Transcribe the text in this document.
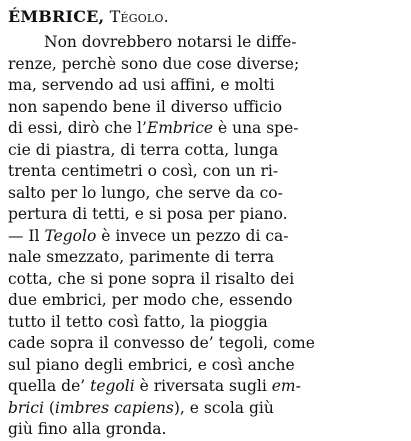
ÉMBRICE, Tégolo.
Non dovrebbero notarsi le diffe-
renze, perchè sono due cose diverse;
ma, servendo ad usi affini, e molti
non sapendo bene il diverso ufficio
di essi, dirò che l’Embrice è una spe-
cie di piastra, di terra cotta, lunga
trenta centimetri o così, con un ri-
salto per lo lungo, che serve da co-
pertura di tetti, e si posa per piano.
— Il Tegolo è invece un pezzo di ca-
nale smezzato, parimente di terra
cotta, che si pone sopra il risalto dei
due embrici, per modo che, essendo
tutto il tetto così fatto, la pioggia
cade sopra il convesso de’ tegoli, come
sul piano degli embrici, e così anche
quella de’ tegoli è riversata sugli em-
brici (imbres capiens), e scola giù
giù fino alla gronda.
